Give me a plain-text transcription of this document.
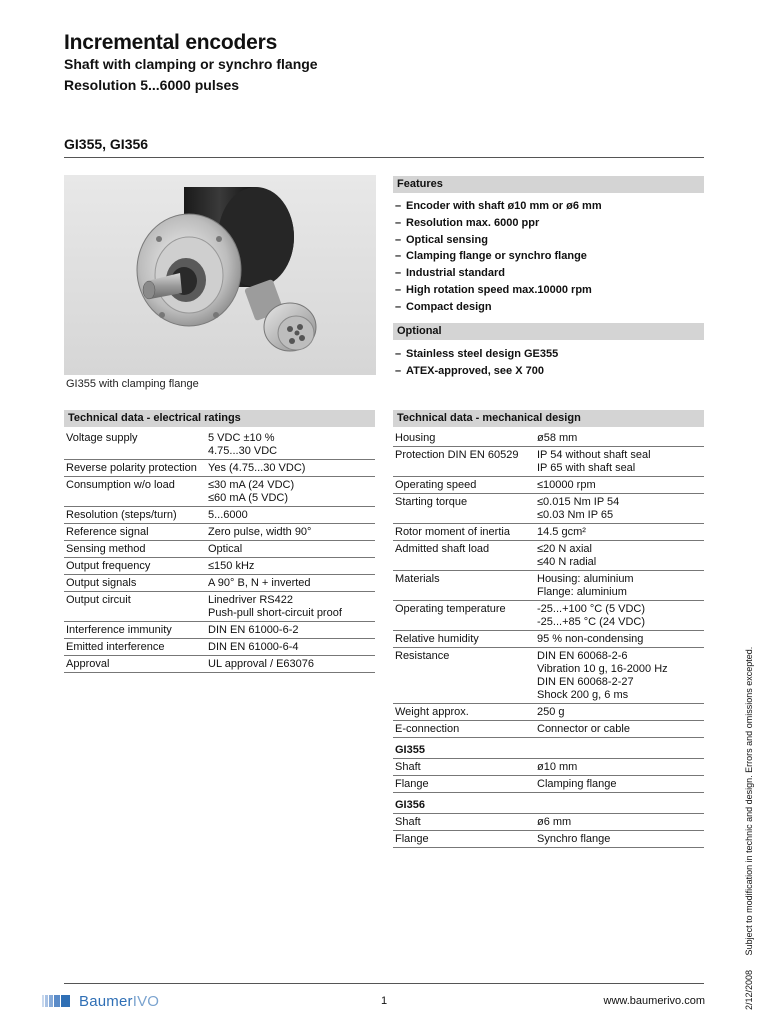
Incremental encoders
Shaft with clamping or synchro flange
Resolution 5...6000 pulses
GI355, GI356
GI355 with clamping flange
Features
– Encoder with shaft ø10 mm or ø6 mm
– Resolution max. 6000 ppr
– Optical sensing
– Clamping flange or synchro flange
– Industrial standard
– High rotation speed max.10000 rpm
– Compact design
Optional
– Stainless steel design GE355
– ATEX-approved, see X 700
Technical data - electrical ratings
Voltage supply	5 VDC ±10 %
4.75...30 VDC

Reverse polarity protection	Yes (4.75...30 VDC)
Consumption w/o load	≤30 mA (24 VDC)
≤60 mA (5 VDC)

Resolution (steps/turn)	5...6000
Reference signal	Zero pulse, width 90°
Sensing method	Optical
Output frequency	≤150 kHz
Output signals	A 90° B, N + inverted
Output circuit	Linedriver RS422
Push-pull short-circuit proof

Interference immunity	DIN EN 61000-6-2
Emitted interference	DIN EN 61000-6-4
Approval	UL approval / E63076
Technical data - mechanical design
Housing	ø58 mm
Protection DIN EN 60529	IP 54 without shaft seal
IP 65 with shaft seal

Operating speed	≤10000 rpm
Starting torque	≤0.015 Nm IP 54
≤0.03 Nm IP 65

Rotor moment of inertia	14.5 gcm²
Admitted shaft load	≤20 N axial
≤40 N radial

Materials	Housing: aluminium
Flange: aluminium

Operating temperature	-25...+100 °C (5 VDC)
-25...+85 °C (24 VDC)

Relative humidity	95 % non-condensing
Resistance	DIN EN 60068-2-6
Vibration 10 g, 16-2000 Hz
DIN EN 60068-2-27
Shock 200 g, 6 ms

Weight approx.	250 g
E-connection	Connector or cable
GI355	
Shaft	ø10 mm
Flange	Clamping flange
GI356	
Shaft	ø6 mm
Flange	Synchro flange
2/12/2008 Subject to modification in technic and design. Errors and omissions excepted.
BaumerIVO	1	www.baumerivo.com
